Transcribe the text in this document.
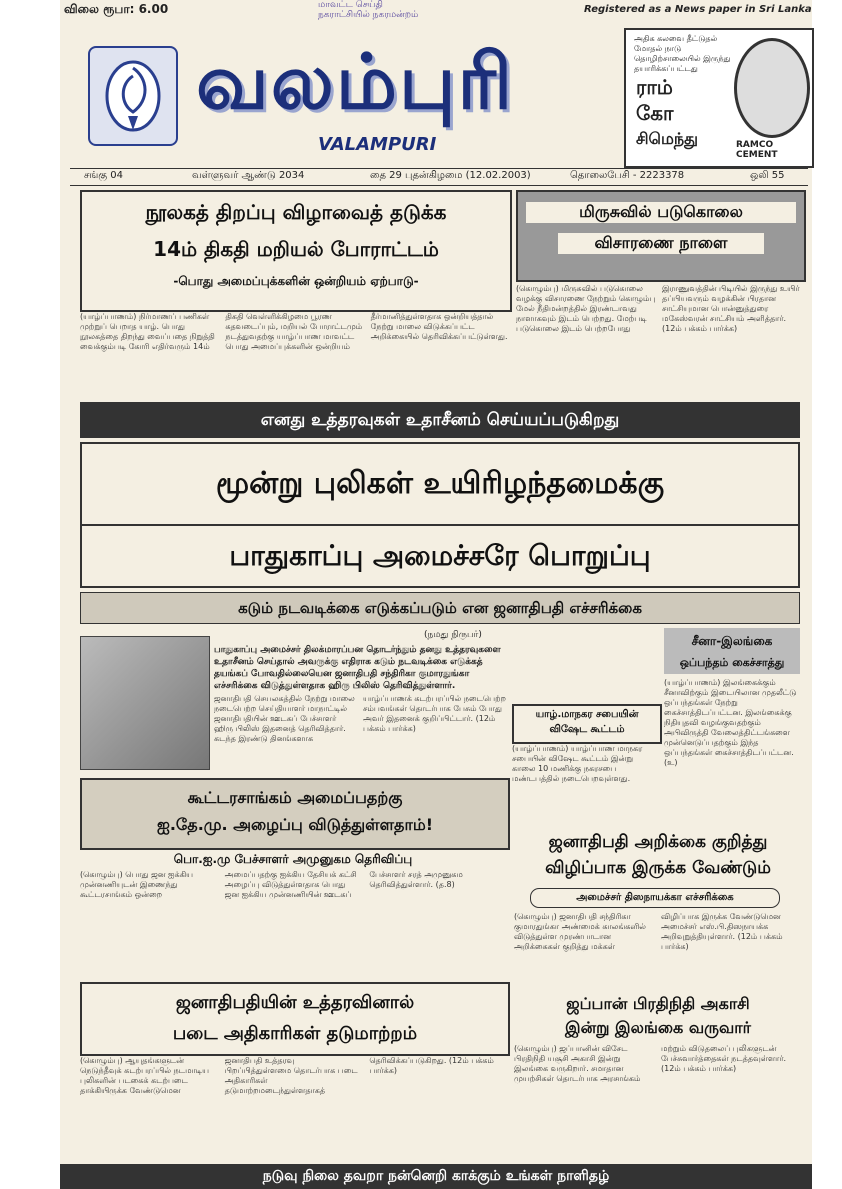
விலை ரூபா: 6.00	மாவட்ட செய்தி
நகராட்சியில் நகரமன்றம்	Registered as a News paper in Sri Lanka
வலம்புரி
VALAMPURI
அதிக கலவை தீட்டுதல் மோதல் நாடு தொழிற்சாலையில் இருந்து தயாரிக்கப்பட்டது
ராம்
கோ
சிமெந்து	RAMCO CEMENT
சங்கு 04	வள்ளுவர் ஆண்டு 2034	தை 29 புதன்கிழமை (12.02.2003)	தொலைபேசி - 2223378	ஒலி 55
நூலகத் திறப்பு விழாவைத் தடுக்க
14ம் திகதி மறியல் போராட்டம்
-பொது அமைப்புக்களின் ஒன்றியம் ஏற்பாடு-
(யாழ்ப்பாணம்) நிர்மாணப் பணிகள் முற்றுப் பெறாத யாழ். பொது நூலகத்தை திறந்து வைப்பதை நிறுத்தி வைக்கும்படி கோரி எதிர்வரும் 14ம் திகதி வெள்ளிக்கிழமை பூரண கதவடைப்பும், மறியல் போராட்டமும் நடத்துவதற்கு யாழ்ப்பாண மாவட்ட பொது அமைப்புக்களின் ஒன்றியம் தீர்மானித்துள்ளதாக ஒன்றியத்தால் நேற்று மாலை விடுக்கப்பட்ட அறிக்கையில் தெரிவிக்கப்பட்டுள்ளது.
மிருசுவில் படுகொலை
விசாரணை நாளை
(கொழும்பு) மிருசுவில் படுகொலை வழக்கு விசாரணை நேற்றும் கொழும்பு மேல் நீதிமன்றத்தில் இரண்டாவது நாளாகவும் இடம் பெற்றது. மேற்படி படுகொலை இடம் பெற்றபோது இராணுவத்தின் பிடியில் இருந்து உயிர் தப்பியவரும் வழக்கின் பிரதான சாட்சியுமான பொன்னுத்துரை மகேஸ்வரன் சாட்சியம் அளித்தார். (12ம் பக்கம் பார்க்க)
எனது உத்தரவுகள் உதாசீனம் செய்யப்படுகிறது
மூன்று புலிகள் உயிரிழந்தமைக்கு
பாதுகாப்பு அமைச்சரே பொறுப்பு
கடும் நடவடிக்கை எடுக்கப்படும் என ஜனாதிபதி எச்சரிக்கை
(நமது நிருபர்)
பாதுகாப்பு அமைச்சர் திலக்மாரப்பன தொடர்ந்தும் தனது உத்தரவுகளை உதாசீனம் செய்தால் அவருக்கு எதிராக கடும் நடவடிக்கை எடுக்கத் தயங்கப் போவதில்லையென ஜனாதிபதி சந்திரிகா குமாரதுங்கா எச்சரிக்கை விடுத்துள்ளதாக ஹிரு பிலிஸ் தெரிவித்துள்ளார்.
ஜனாதிபதி செயலகத்தில் நேற்று மாலை நடைபெற்ற செய்தியாளர் மாநாட்டில் ஜனாதிபதியின் ஊடகப் பேச்சாளர் ஹிரு பிலிஸ் இதனைத் தெரிவித்தார். கடந்த இரண்டு தினங்களாக யாழ்ப்பாணக் கடற்பரப்பில் நடைபெற்ற சம்பவங்கள் தொடர்பாக பேசும் போது அவர் இதனைக் குறிப்பிட்டார். (12ம் பக்கம் பார்க்க)
சீனா-இலங்கை
ஒப்பந்தம் கைச்சாத்து
(யாழ்ப்பாணம்) இலங்கைக்கும் சீனாவிற்கும் இடையிலான முதலீட்டு ஒப்பந்தங்கள் நேற்று கைச்சாத்திடப்பட்டன. இலங்கைக்கு நிதியுதவி வழங்குவதற்கும் அபிவிருத்தி வேலைத்திட்டங்களை முன்னெடுப்பதற்கும் இந்த ஒப்பந்தங்கள் கைச்சாத்திடப்பட்டன. (உ)
யாழ்.மாநகர சபையின்
விஷேட கூட்டம்
(யாழ்ப்பாணம்) யாழ்ப்பாண மாநகர சபையின் விஷேட கூட்டம் இன்று காலை 10 மணிக்கு நகரசபை மண்டபத்தில் நடைபெறவுள்ளது.
கூட்டரசாங்கம் அமைப்பதற்கு
ஐ.தே.மு. அழைப்பு விடுத்துள்ளதாம்!
பொ.ஐ.மு பேச்சாளர் அமுனுகம தெரிவிப்பு
(கொழும்பு) பொது ஜன ஐக்கிய முன்னணியுடன் இணைந்து கூட்டரசாங்கம் ஒன்றை அமைப்பதற்கு ஐக்கிய தேசியக் கட்சி அழைப்பு விடுத்துள்ளதாக பொது ஜன ஐக்கிய முன்னணியின் ஊடகப் பேச்சாளர் சரத் அமுனுகம தெரிவித்துள்ளார். (த.8)
ஜனாதிபதி அறிக்கை குறித்து
விழிப்பாக இருக்க வேண்டும்
அமைச்சர் திஸநாயக்கா எச்சரிக்கை
(கொழும்பு) ஜனாதிபதி சந்திரிகா குமாரதுங்கா அண்மைக் காலங்களில் விடுத்துள்ள முரண்பாடான அறிக்கைகள் குறித்து மக்கள் விழிப்பாக இருக்க வேண்டுமென அமைச்சர் எஸ்.பி.திஸநாயக்க அறிவுறுத்தியுள்ளார். (12ம் பக்கம் பார்க்க)
ஜனாதிபதியின் உத்தரவினால்
படை அதிகாரிகள் தடுமாற்றம்
(கொழும்பு) ஆயுதங்களுடன் நெடுந்தீவுக் கடற்பரப்பில் நடமாடிய புலிகளின் படகைக் கடற்படை தாக்கியிருக்க வேண்டுமென ஜனாதிபதி உத்தரவு பிறப்பித்துள்ளமை தொடர்பாக படை அதிகாரிகள் தடுமாற்றமடைந்துள்ளதாகத் தெரிவிக்கப்படுகிறது. (12ம் பக்கம் பார்க்க)
ஜப்பான் பிரதிநிதி அகாசி
இன்று இலங்கை வருவார்
(கொழும்பு) ஜப்பானின் விசேட பிரதிநிதி யசூசி அகாசி இன்று இலங்கை வருகிறார். சமாதான முயற்சிகள் தொடர்பாக அரசாங்கம் மற்றும் விடுதலைப் புலிகளுடன் பேச்சுவார்த்தைகள் நடத்தவுள்ளார். (12ம் பக்கம் பார்க்க)
நடுவு நிலை தவறா நன்னெறி காக்கும் உங்கள் நாளிதழ்
